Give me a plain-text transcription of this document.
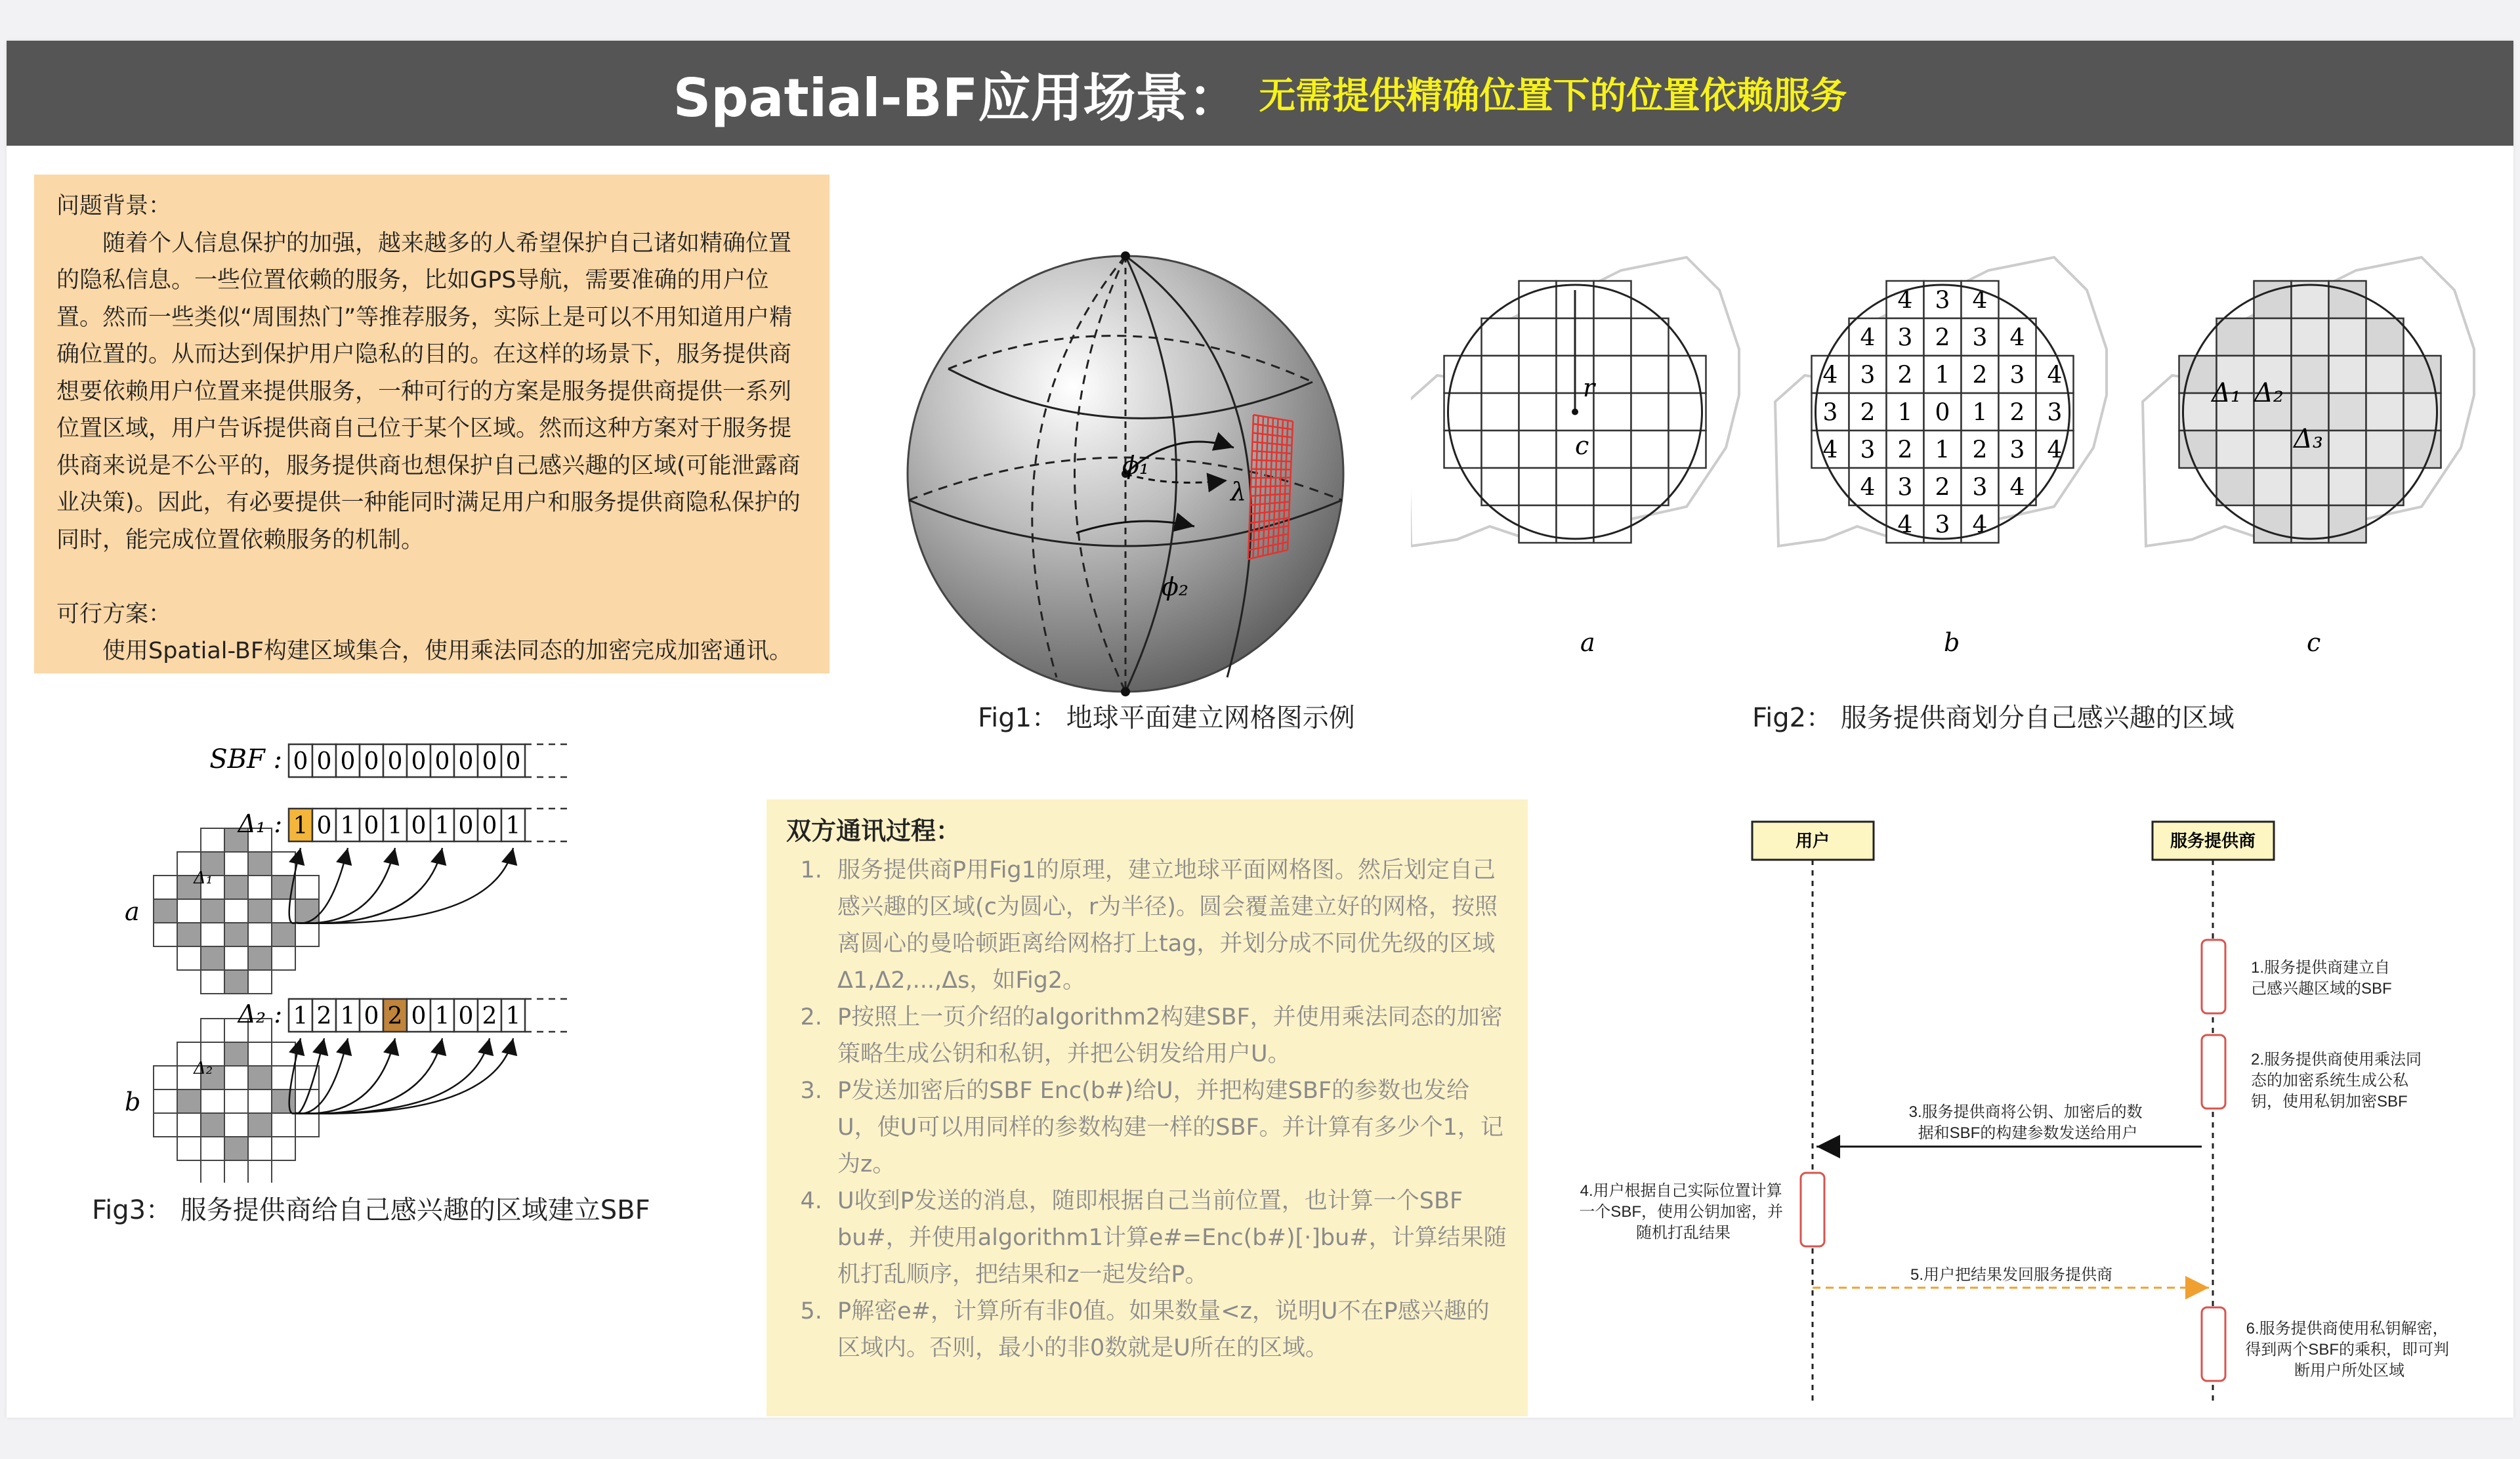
Spatial-BF应用场景： 无需提供精确位置下的位置依赖服务

问题背景：

随着个人信息保护的加强，越来越多的人希望保护自己诸如精确位置的隐私信息。一些位置依赖的服务，比如GPS导航，需要准确的用户位置。然而一些类似“周围热门”等推荐服务，实际上是可以不用知道用户精确位置的。从而达到保护用户隐私的目的。在这样的场景下，服务提供商想要依赖用户位置来提供服务，一种可行的方案是服务提供商提供一系列位置区域，用户告诉提供商自己位于某个区域。然而这种方案对于服务提供商来说是不公平的，服务提供商也想保护自己感兴趣的区域(可能泄露商业决策)。因此，有必要提供一种能同时满足用户和服务提供商隐私保护的同时，能完成位置依赖服务的机制。

可行方案：

使用Spatial-BF构建区域集合，使用乘法同态的加密完成加密通讯。

ϕ₁
ϕ₂
λ
Fig1： 地球平面建立网格图示例
4 3 4
4 3 2 3 4
4 3 2 1 2 3 4
3 2 1 0 1 2 3
4 3 2 1 2 3 4
4 3 2 3 4
4 3 4
r
c
Δ₁ Δ₂
Δ₃
a	b	c
Fig2： 服务提供商划分自己感兴趣的区域
SBF : 0 0 0 0 0 0 0 0 0 0
a
Δ₁
Δ₁ : 1 0 1 0 1 0 1 0 0 1
b
Δ₂
Δ₂ : 1 2 1 0 2 0 1 0 2 1
Fig3： 服务提供商给自己感兴趣的区域建立SBF
双方通讯过程：
1. 服务提供商P用Fig1的原理，建立地球平面网格图。然后划定自己感兴趣的区域(c为圆心，r为半径)。圆会覆盖建立好的网格，按照离圆心的曼哈顿距离给网格打上tag，并划分成不同优先级的区域Δ1,Δ2,...,Δs，如Fig2。
2. P按照上一页介绍的algorithm2构建SBF，并使用乘法同态的加密策略生成公钥和私钥，并把公钥发给用户U。
3. P发送加密后的SBF Enc(b#)给U，并把构建SBF的参数也发给U，使U可以用同样的参数构建一样的SBF。并计算有多少个1，记为z。
4. U收到P发送的消息，随即根据自己当前位置，也计算一个SBF bu#，并使用algorithm1计算e#=Enc(b#)[·]bu#，计算结果随机打乱顺序，把结果和z一起发给P。
5. P解密e#，计算所有非0值。如果数量<z，说明U不在P感兴趣的区域内。否则，最小的非0数就是U所在的区域。
用户	服务提供商
1.服务提供商建立自 己感兴趣区域的SBF
2.服务提供商使用乘法同 态的加密系统生成公私 钥，使用私钥加密SBF
3.服务提供商将公钥、加密后的数 据和SBF的构建参数发送给用户
4.用户根据自己实际位置计算 一个SBF，使用公钥加密，并 随机打乱结果
5.用户把结果发回服务提供商
6.服务提供商使用私钥解密， 得到两个SBF的乘积，即可判 断用户所处区域
